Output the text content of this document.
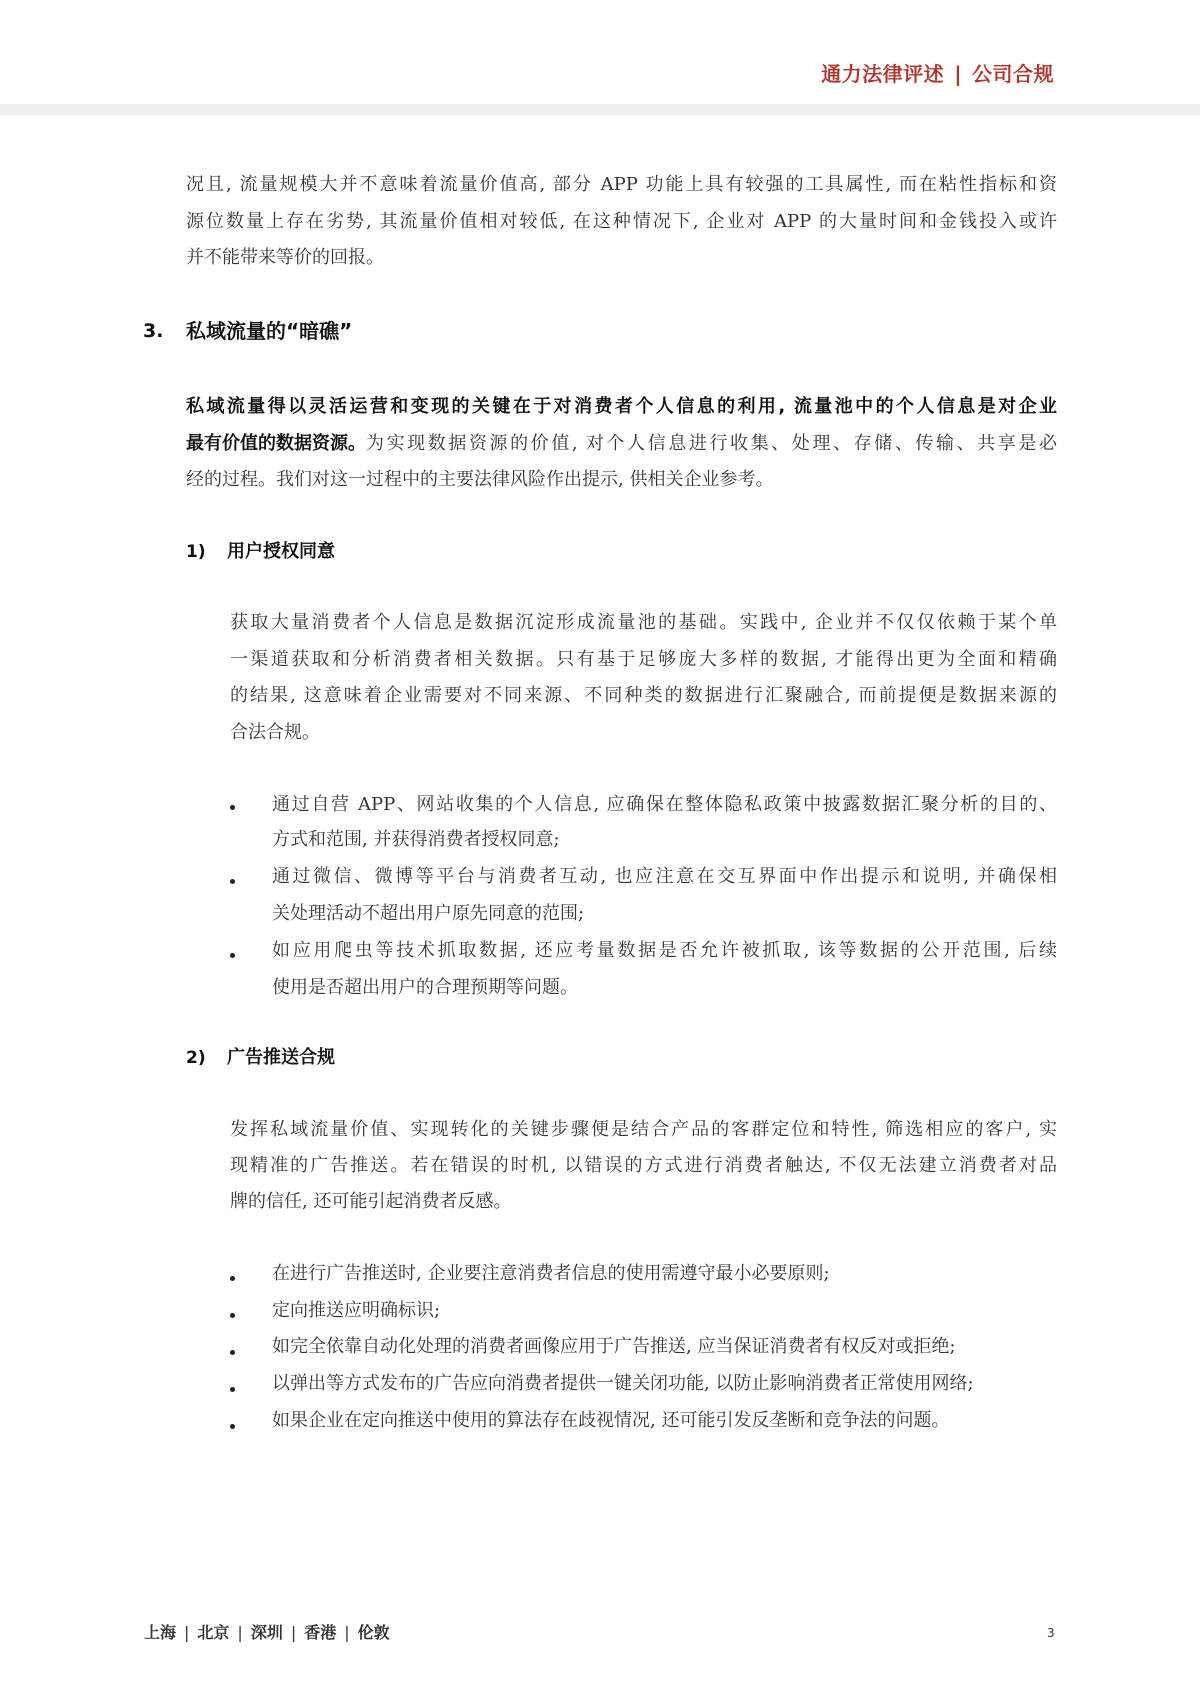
通力法律评述 | 公司合规
况且, 流量规模大并不意味着流量价值高, 部分 APP 功能上具有较强的工具属性, 而在粘性指标和资
源位数量上存在劣势, 其流量价值相对较低, 在这种情况下, 企业对 APP 的大量时间和金钱投入或许
并不能带来等价的回报。
3. 私域流量的“暗礁”
私域流量得以灵活运营和变现的关键在于对消费者个人信息的利用, 流量池中的个人信息是对企业
最有价值的数据资源。 为实现数据资源的价值, 对个人信息进行收集、处理、存储、传输、共享是必
经的过程。我们对这一过程中的主要法律风险作出提示, 供相关企业参考。
1) 用户授权同意
获取大量消费者个人信息是数据沉淀形成流量池的基础。实践中, 企业并不仅仅依赖于某个单
一渠道获取和分析消费者相关数据。只有基于足够庞大多样的数据, 才能得出更为全面和精确
的结果, 这意味着企业需要对不同来源、不同种类的数据进行汇聚融合, 而前提便是数据来源的
合法合规。
通过自营 APP、网站收集的个人信息, 应确保在整体隐私政策中披露数据汇聚分析的目的、
方式和范围, 并获得消费者授权同意;
通过微信、微博等平台与消费者互动, 也应注意在交互界面中作出提示和说明, 并确保相
关处理活动不超出用户原先同意的范围;
如应用爬虫等技术抓取数据, 还应考量数据是否允许被抓取, 该等数据的公开范围, 后续
使用是否超出用户的合理预期等问题。
2) 广告推送合规
发挥私域流量价值、实现转化的关键步骤便是结合产品的客群定位和特性, 筛选相应的客户, 实
现精准的广告推送。若在错误的时机, 以错误的方式进行消费者触达, 不仅无法建立消费者对品
牌的信任, 还可能引起消费者反感。
在进行广告推送时, 企业要注意消费者信息的使用需遵守最小必要原则;
定向推送应明确标识;
如完全依靠自动化处理的消费者画像应用于广告推送, 应当保证消费者有权反对或拒绝;
以弹出等方式发布的广告应向消费者提供一键关闭功能, 以防止影响消费者正常使用网络;
如果企业在定向推送中使用的算法存在歧视情况, 还可能引发反垄断和竞争法的问题。
上海 | 北京 | 深圳 | 香港 | 伦敦	3
